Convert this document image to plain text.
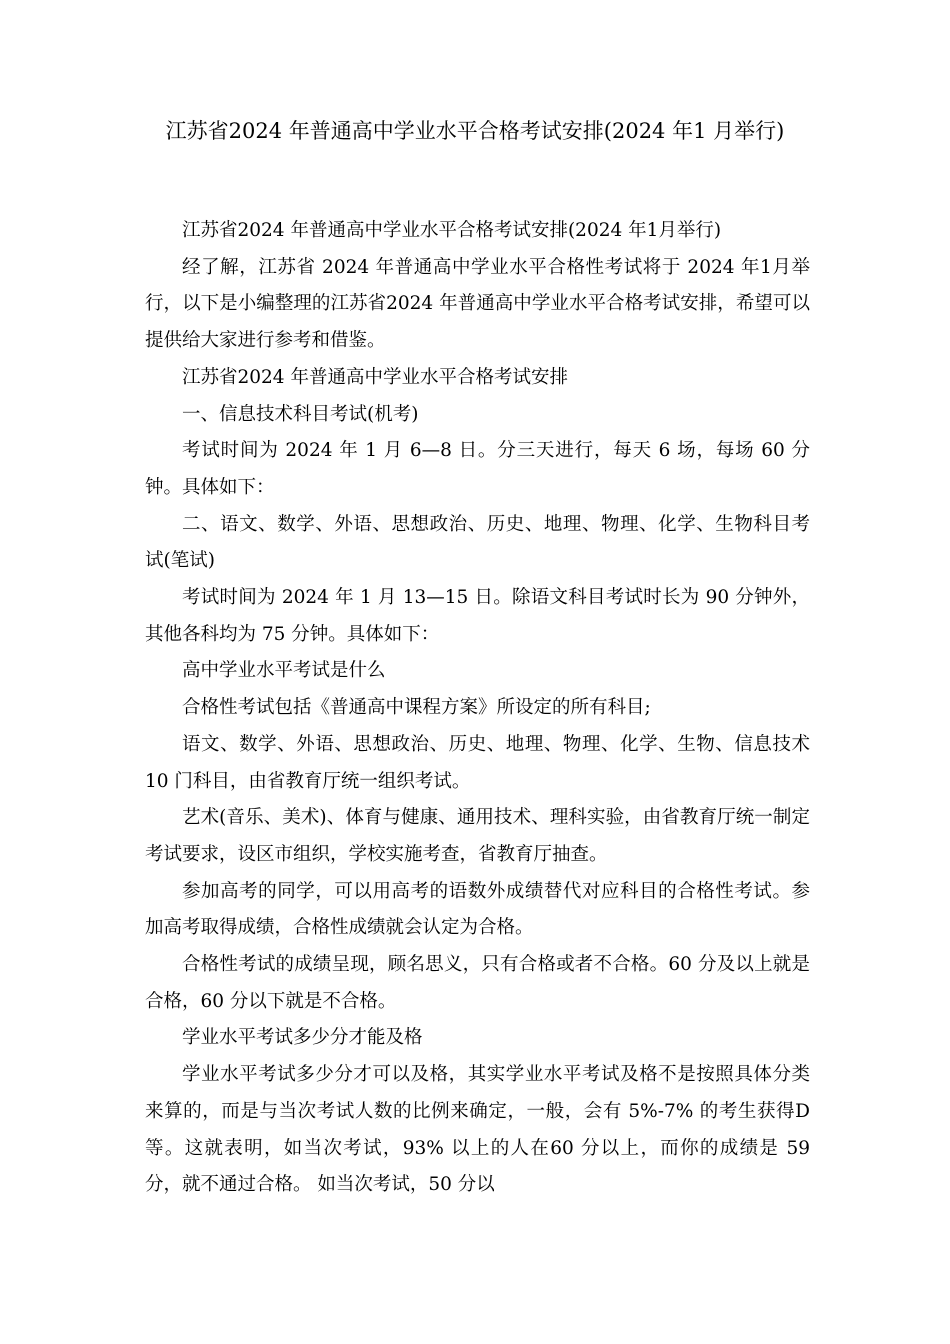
江苏省2024 年普通高中学业水平合格考试安排(2024 年1 月举行)

江苏省2024 年普通高中学业水平合格考试安排(2024 年1月举行)

经了解，江苏省 2024 年普通高中学业水平合格性考试将于 2024 年1月举行，以下是小编整理的江苏省2024 年普通高中学业水平合格考试安排，希望可以提供给大家进行参考和借鉴。

江苏省2024 年普通高中学业水平合格考试安排

一、信息技术科目考试(机考)

考试时间为 2024 年 1 月 6—8 日。分三天进行，每天 6 场，每场 60 分钟。具体如下：

二、语文、数学、外语、思想政治、历史、地理、物理、化学、生物科目考试(笔试)

考试时间为 2024 年 1 月 13—15 日。除语文科目考试时长为 90 分钟外，其他各科均为 75 分钟。具体如下：

高中学业水平考试是什么

合格性考试包括《普通高中课程方案》所设定的所有科目;

语文、数学、外语、思想政治、历史、地理、物理、化学、生物、信息技术 10 门科目，由省教育厅统一组织考试。

艺术(音乐、美术)、体育与健康、通用技术、理科实验，由省教育厅统一制定考试要求，设区市组织，学校实施考查，省教育厅抽查。

参加高考的同学，可以用高考的语数外成绩替代对应科目的合格性考试。参加高考取得成绩，合格性成绩就会认定为合格。

合格性考试的成绩呈现，顾名思义，只有合格或者不合格。60 分及以上就是合格，60 分以下就是不合格。

学业水平考试多少分才能及格

学业水平考试多少分才可以及格，其实学业水平考试及格不是按照具体分类来算的，而是与当次考试人数的比例来确定，一般，会有 5%-7% 的考生获得D 等。这就表明，如当次考试，93% 以上的人在60 分以上，而你的成绩是 59 分，就不通过合格。 如当次考试，50 分以
